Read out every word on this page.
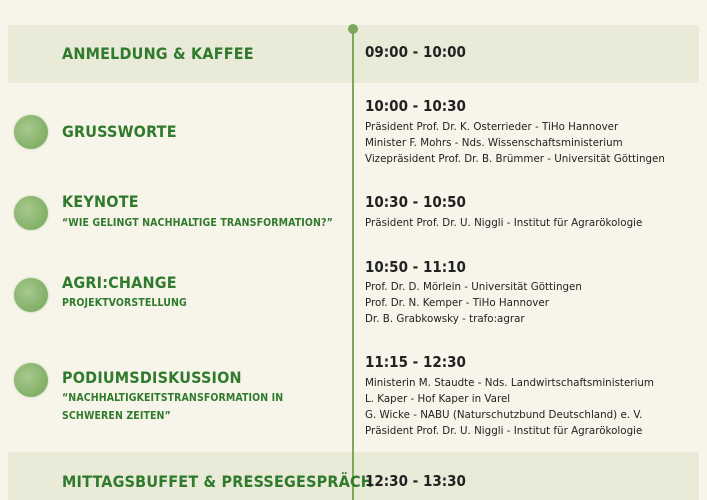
ANMELDUNG & KAFFEE	09:00 - 10:00
GRUSSWORTE
10:00 - 10:30
Präsident Prof. Dr. K. Osterrieder - TiHo Hannover
Minister F. Mohrs - Nds. Wissenschaftsministerium
Vizepräsident Prof. Dr. B. Brümmer - Universität Göttingen
KEYNOTE
“WIE GELINGT NACHHALTIGE TRANSFORMATION?”
10:30 - 10:50
Präsident Prof. Dr. U. Niggli - Institut für Agrarökologie
AGRI:CHANGE
PROJEKTVORSTELLUNG
10:50 - 11:10
Prof. Dr. D. Mörlein - Universität Göttingen
Prof. Dr. N. Kemper - TiHo Hannover
Dr. B. Grabkowsky - trafo:agrar
PODIUMSDISKUSSION
“NACHHALTIGKEITSTRANSFORMATION IN
SCHWEREN ZEITEN”
11:15 - 12:30
Ministerin M. Staudte - Nds. Landwirtschaftsministerium
L. Kaper - Hof Kaper in Varel
G. Wicke - NABU (Naturschutzbund Deutschland) e. V.
Präsident Prof. Dr. U. Niggli - Institut für Agrarökologie
MITTAGSBUFFET & PRESSEGESPRÄCH
12:30 - 13:30
